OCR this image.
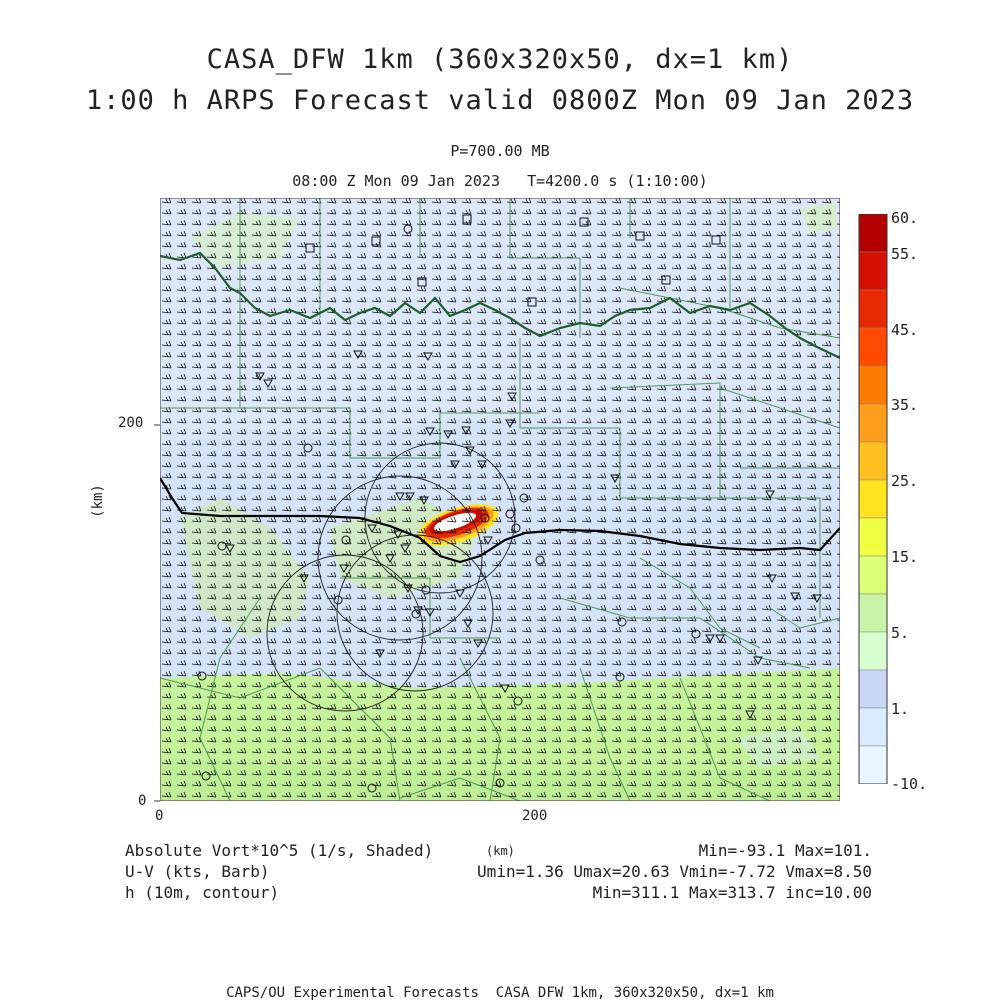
CASA_DFW 1km (360x320x50, dx=1 km)
1:00 h ARPS Forecast valid 0800Z Mon 09 Jan 2023
P=700.00 MB
08:00 Z Mon 09 Jan 2023   T=4200.0 s (1:10:00)
200
0
(km)
0	200
(km)
60.
55.
45.
35.
25.
15.
5.
1.
-10.
Absolute Vort*10^5 (1/s, Shaded)
U-V (kts, Barb)
h (10m, contour)
Min=-93.1 Max=101.
Umin=1.36 Umax=20.63 Vmin=-7.72 Vmax=8.50
Min=311.1 Max=313.7 inc=10.00
CAPS/OU Experimental Forecasts  CASA DFW 1km, 360x320x50, dx=1 km
